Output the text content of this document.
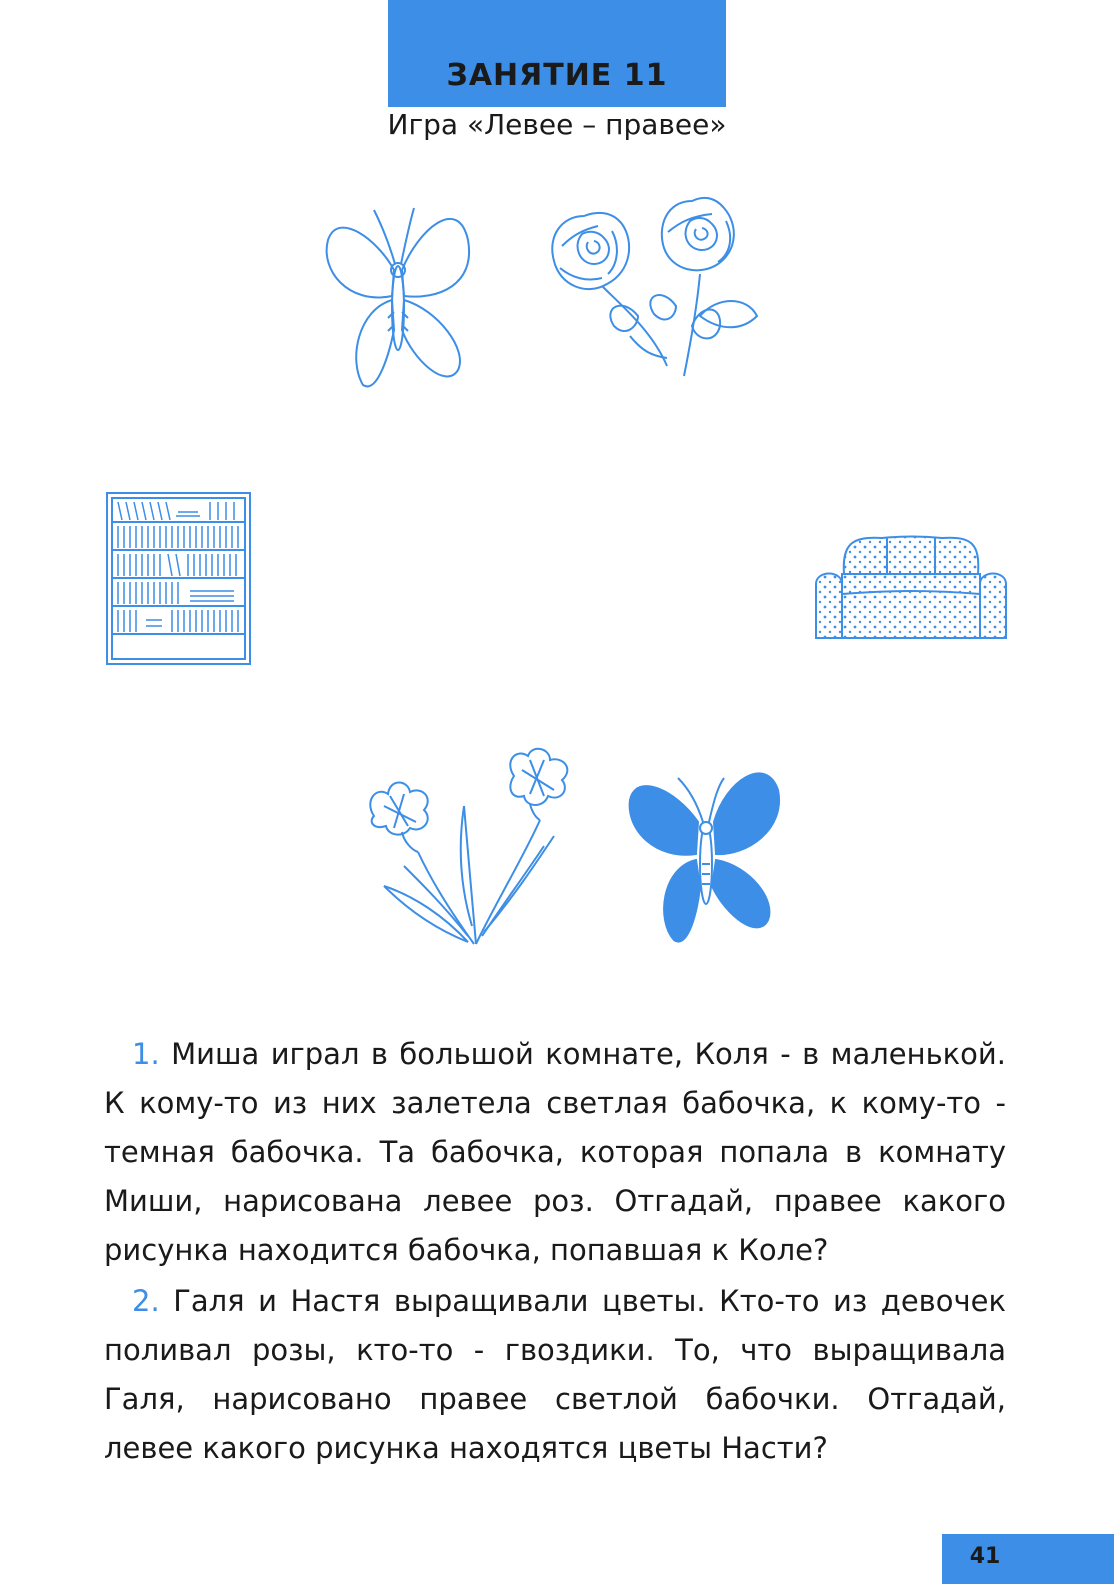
ЗАНЯТИЕ 11
Игра «Левее – правее»

1. Миша играл в большой комнате, Коля - в маленькой. К кому-то из них залетела светлая бабочка, к кому-то - темная бабочка. Та бабочка, которая попала в комнату Миши, нарисована левее роз. Отгадай, правее какого рисунка находится бабочка, попавшая к Коле?

2. Галя и Настя выращивали цветы. Кто-то из девочек поливал розы, кто-то - гвоздики. То, что выращивала Галя, нарисовано правее светлой бабочки. Отгадай, левее какого рисунка находятся цветы Насти?

41
